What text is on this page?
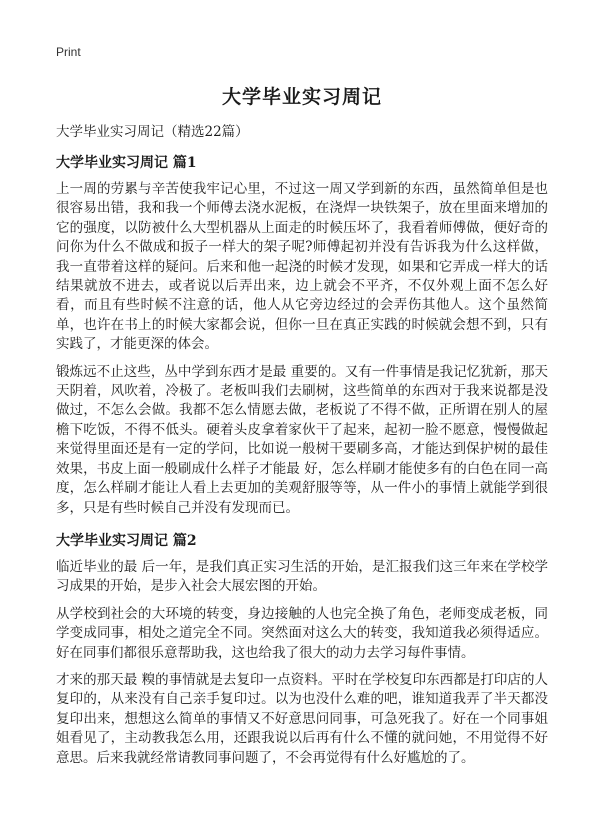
Print

大学毕业实习周记

大学毕业实习周记（精选22篇）

大学毕业实习周记 篇1

上一周的劳累与辛苦使我牢记心里，不过这一周又学到新的东西，虽然简单但是也很容易出错，我和我一个师傅去浇水泥板，在浇焊一块铁架子，放在里面来增加的它的强度，以防被什么大型机器从上面走的时候压坏了，我看着师傅做，便好奇的问你为什么不做成和扳子一样大的架子呢?师傅起初并没有告诉我为什么这样做，我一直带着这样的疑问。后来和他一起浇的时候才发现，如果和它弄成一样大的话结果就放不进去，或者说以后弄出来，边上就会不平齐，不仅外观上面不怎么好看，而且有些时候不注意的话，他人从它旁边经过的会弄伤其他人。这个虽然简单，也许在书上的时候大家都会说，但你一旦在真正实践的时候就会想不到，只有实践了，才能更深的体会。

锻炼远不止这些，丛中学到东西才是最 重要的。又有一件事情是我记忆犹新，那天天阴着，风吹着，冷极了。老板叫我们去刷树，这些简单的东西对于我来说都是没做过，不怎么会做。我都不怎么情愿去做，老板说了不得不做，正所谓在别人的屋檐下吃饭，不得不低头。硬着头皮拿着家伙干了起来，起初一脸不愿意，慢慢做起来觉得里面还是有一定的学问，比如说一般树干要刷多高，才能达到保护树的最佳效果，书皮上面一般刷成什么样子才能最 好，怎么样刷才能使多有的白色在同一高度，怎么样刷才能让人看上去更加的美观舒服等等，从一件小的事情上就能学到很多，只是有些时候自己并没有发现而已。

大学毕业实习周记 篇2

临近毕业的最 后一年，是我们真正实习生活的开始，是汇报我们这三年来在学校学习成果的开始，是步入社会大展宏图的开始。

从学校到社会的大环境的转变，身边接触的人也完全换了角色，老师变成老板，同学变成同事，相处之道完全不同。突然面对这么大的转变，我知道我必须得适应。好在同事们都很乐意帮助我，这也给我了很大的动力去学习每件事情。

才来的那天最 糗的事情就是去复印一点资料。平时在学校复印东西都是打印店的人复印的，从来没有自己亲手复印过。以为也没什么难的吧，谁知道我弄了半天都没复印出来，想想这么简单的事情又不好意思问同事，可急死我了。好在一个同事姐姐看见了，主动教我怎么用，还跟我说以后再有什么不懂的就问她，不用觉得不好意思。后来我就经常请教同事问题了，不会再觉得有什么好尴尬的了。
